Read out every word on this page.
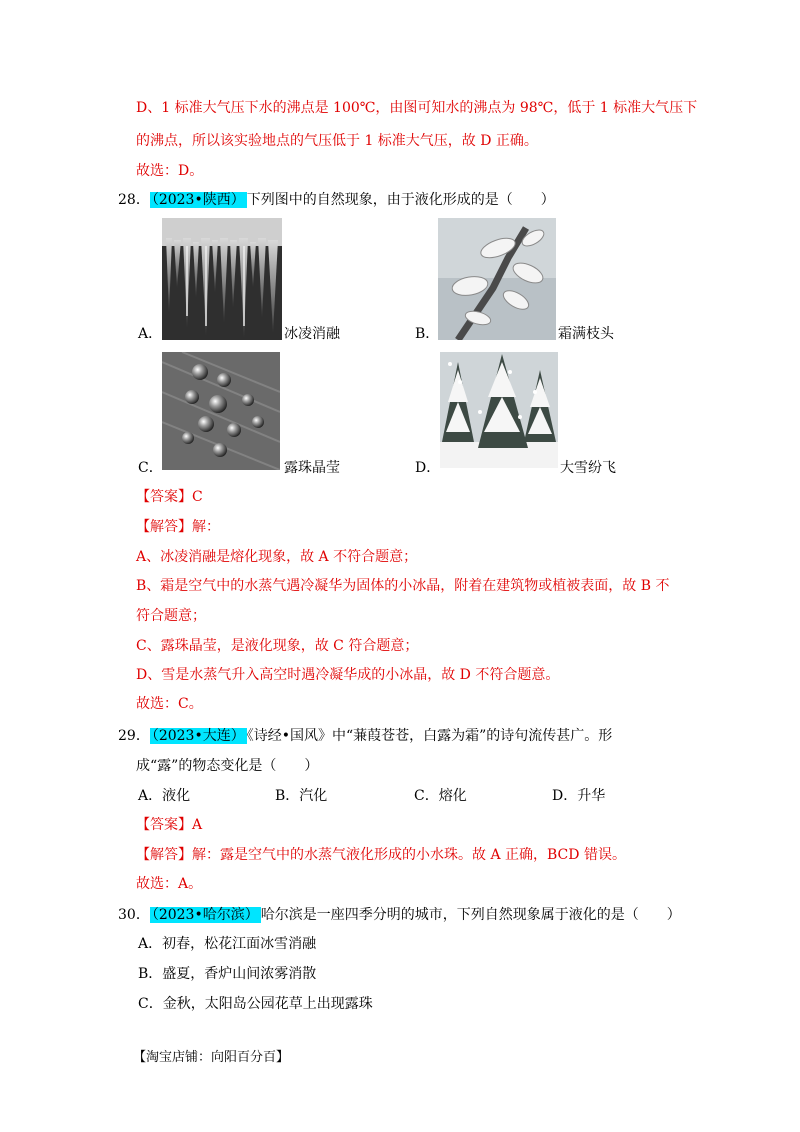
D、1 标准大气压下水的沸点是 100℃，由图可知水的沸点为 98℃，低于 1 标准大气压下
的沸点，所以该实验地点的气压低于 1 标准大气压，故 D 正确。
故选：D。
28． （2023•陕西） 下列图中的自然现象，由于液化形成的是（　　）
A．	冰凌消融	B．	霜满枝头
C．	露珠晶莹	D．	大雪纷飞
【答案】C
【解答】解：
A、冰凌消融是熔化现象，故 A 不符合题意；
B、霜是空气中的水蒸气遇冷凝华为固体的小冰晶，附着在建筑物或植被表面，故 B 不
符合题意；
C、露珠晶莹，是液化现象，故 C 符合题意；
D、雪是水蒸气升入高空时遇冷凝华成的小冰晶，故 D 不符合题意。
故选：C。
29． （2023•大连） 《诗经•国风》中“蒹葭苍苍，白露为霜”的诗句流传甚广。形
成“露”的物态变化是（　　）
A．液化	B．汽化	C．熔化	D．升华
【答案】A
【解答】解：露是空气中的水蒸气液化形成的小水珠。故 A 正确，BCD 错误。
故选：A。
30． （2023•哈尔滨） 哈尔滨是一座四季分明的城市，下列自然现象属于液化的是（　　）
A．初春，松花江面冰雪消融
B．盛夏，香炉山间浓雾消散
C．金秋，太阳岛公园花草上出现露珠
【淘宝店铺：向阳百分百】
